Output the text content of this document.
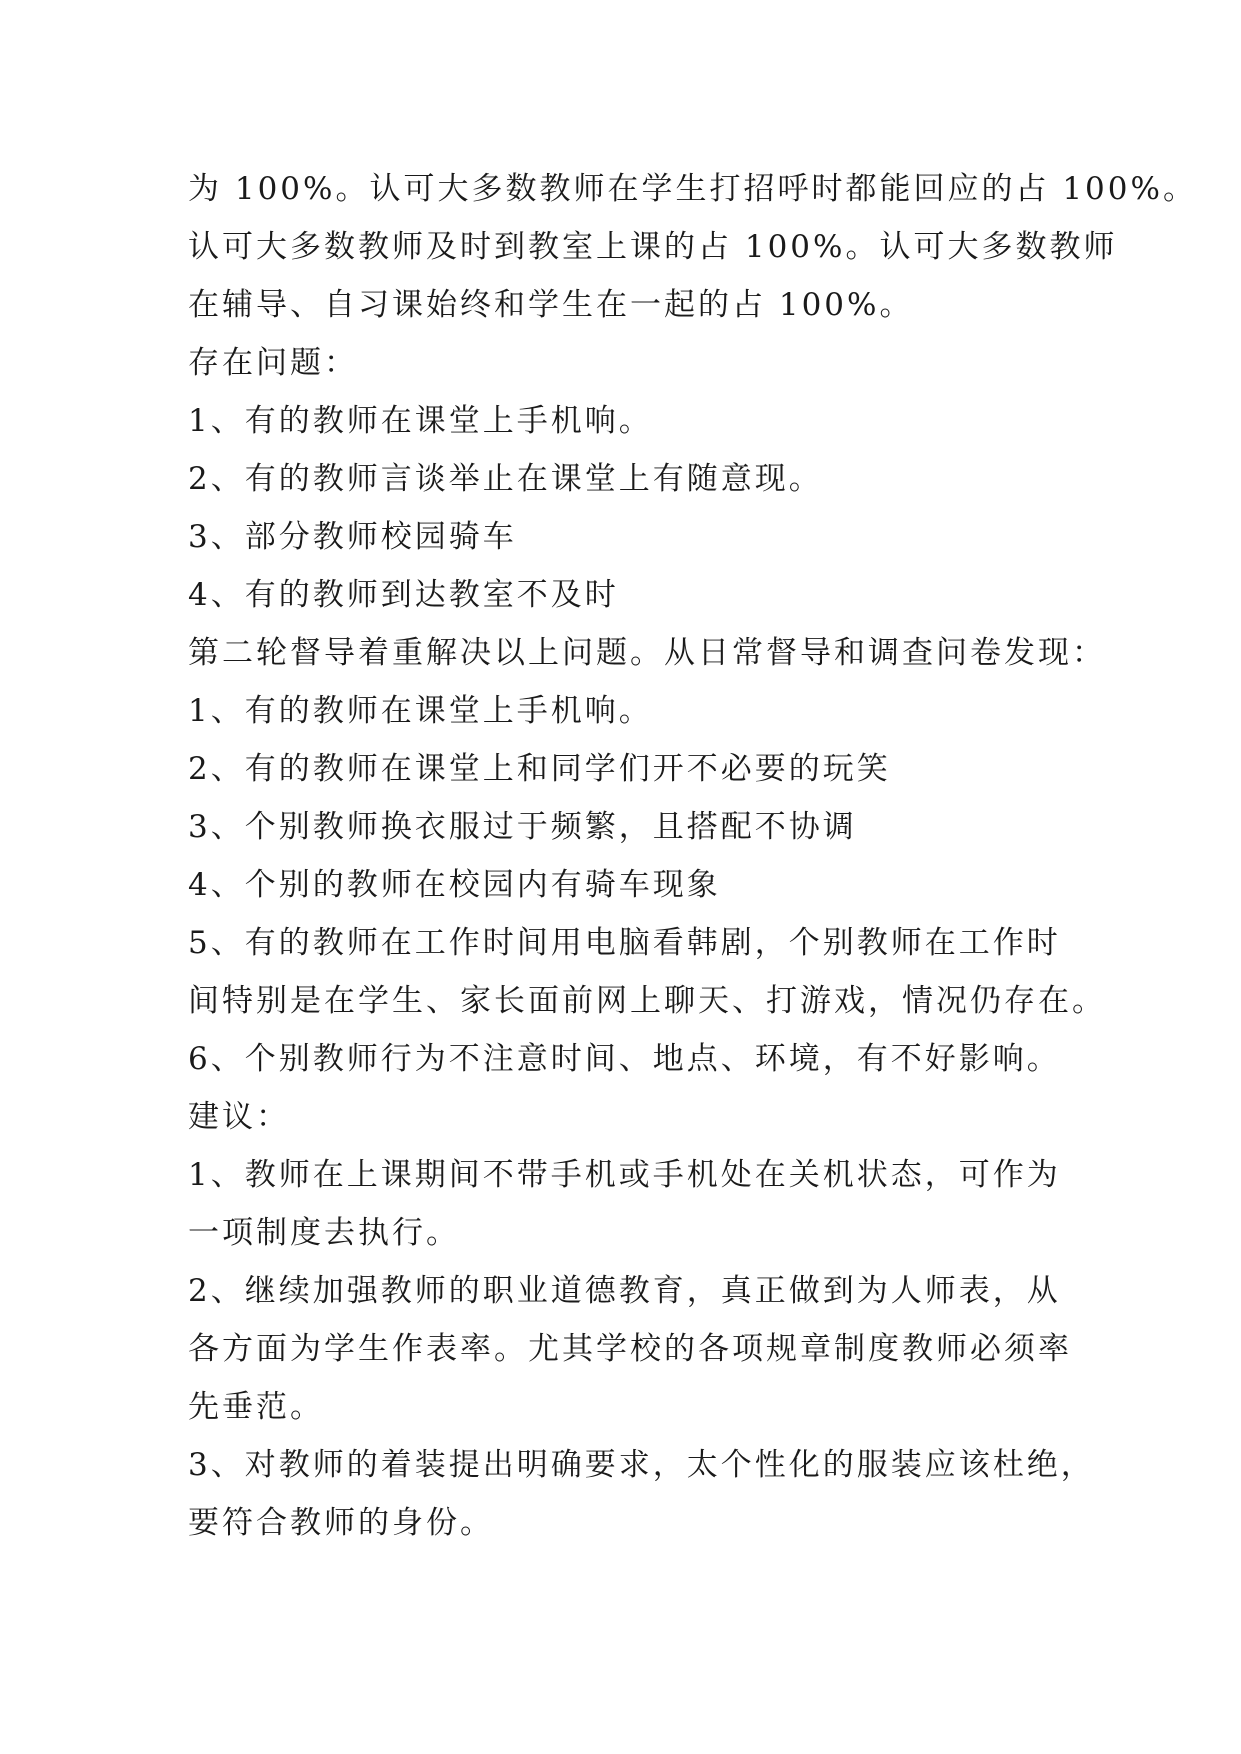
为 100%。认可大多数教师在学生打招呼时都能回应的占 100%。
认可大多数教师及时到教室上课的占 100%。认可大多数教师
在辅导、自习课始终和学生在一起的占 100%。
存在问题：
1、有的教师在课堂上手机响。
2、有的教师言谈举止在课堂上有随意现。
3、部分教师校园骑车
4、有的教师到达教室不及时
第二轮督导着重解决以上问题。从日常督导和调查问卷发现：
1、有的教师在课堂上手机响。
2、有的教师在课堂上和同学们开不必要的玩笑
3、个别教师换衣服过于频繁，且搭配不协调
4、个别的教师在校园内有骑车现象
5、有的教师在工作时间用电脑看韩剧，个别教师在工作时
间特别是在学生、家长面前网上聊天、打游戏，情况仍存在。
6、个别教师行为不注意时间、地点、环境，有不好影响。
建议：
1、教师在上课期间不带手机或手机处在关机状态，可作为
一项制度去执行。
2、继续加强教师的职业道德教育，真正做到为人师表，从
各方面为学生作表率。尤其学校的各项规章制度教师必须率
先垂范。
3、对教师的着装提出明确要求，太个性化的服装应该杜绝，
要符合教师的身份。
